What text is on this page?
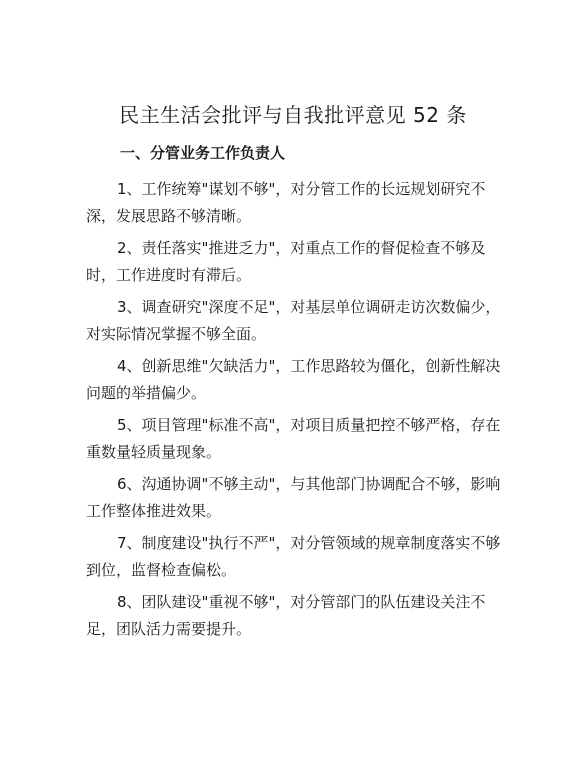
民主生活会批评与自我批评意见 52 条
一、分管业务工作负责人
1、工作统筹"谋划不够"，对分管工作的长远规划研究不深，发展思路不够清晰。
2、责任落实"推进乏力"，对重点工作的督促检查不够及时，工作进度时有滞后。
3、调查研究"深度不足"，对基层单位调研走访次数偏少，对实际情况掌握不够全面。
4、创新思维"欠缺活力"，工作思路较为僵化，创新性解决问题的举措偏少。
5、项目管理"标准不高"，对项目质量把控不够严格，存在重数量轻质量现象。
6、沟通协调"不够主动"，与其他部门协调配合不够，影响工作整体推进效果。
7、制度建设"执行不严"，对分管领域的规章制度落实不够到位，监督检查偏松。
8、团队建设"重视不够"，对分管部门的队伍建设关注不足，团队活力需要提升。
